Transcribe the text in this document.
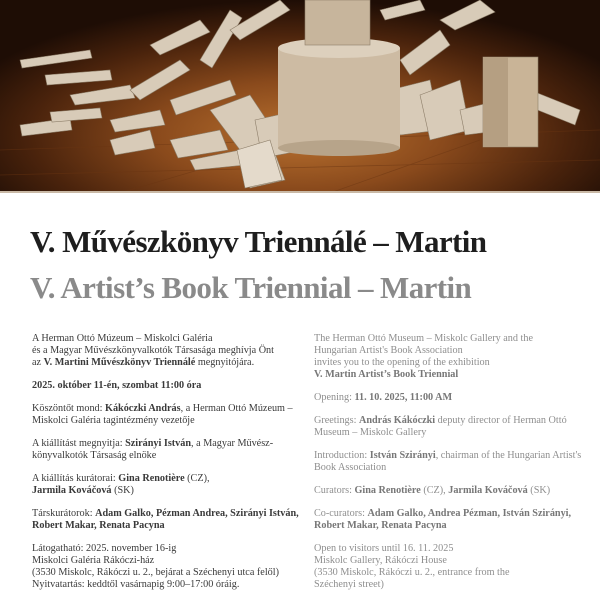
V. Művészkönyv Triennálé – Martin
V. Artist’s Book Triennial – Martin
A Herman Ottó Múzeum – Miskolci Galéria
és a Magyar Művészkönyvalkotók Társasága meghívja Önt
az V. Martini Művészkönyv Triennálé megnyitójára.
2025. október 11-én, szombat 11:00 óra
Köszöntőt mond: Kákóczki András, a Herman Ottó Múzeum – Miskolci Galéria tagintézmény vezetője
A kiállítást megnyitja: Szirányi István, a Magyar Művész-könyvalkotók Társaság elnöke
A kiállítás kurátorai: Gina Renotière (CZ),
Jarmila Kováčová (SK)
Társkurátorok: Adam Galko, Pézman Andrea, Szirányi István, Robert Makar, Renata Pacyna
Látogatható: 2025. november 16-ig
Miskolci Galéria Rákóczi-ház
(3530 Miskolc, Rákóczi u. 2., bejárat a Széchenyi utca felől)
Nyitvatartás: keddtől vasárnapig 9:00–17:00 óráig.
The Herman Ottó Museum – Miskolc Gallery and the
Hungarian Artist's Book Association
invites you to the opening of the exhibition
V. Martin Artist’s Book Triennial
Opening: 11. 10. 2025, 11:00 AM
Greetings: András Kákóczki deputy director of Herman Ottó Museum – Miskolc Gallery
Introduction: István Szirányi, chairman of the Hungarian Artist's Book Association
Curators: Gina Renotière (CZ), Jarmila Kováčová (SK)
Co-curators: Adam Galko, Andrea Pézman, István Szirányi, Robert Makar, Renata Pacyna
Open to visitors until 16. 11. 2025
Miskolc Gallery, Rákóczi House
(3530 Miskolc, Rákóczi u. 2., entrance from the
Széchenyi street)
